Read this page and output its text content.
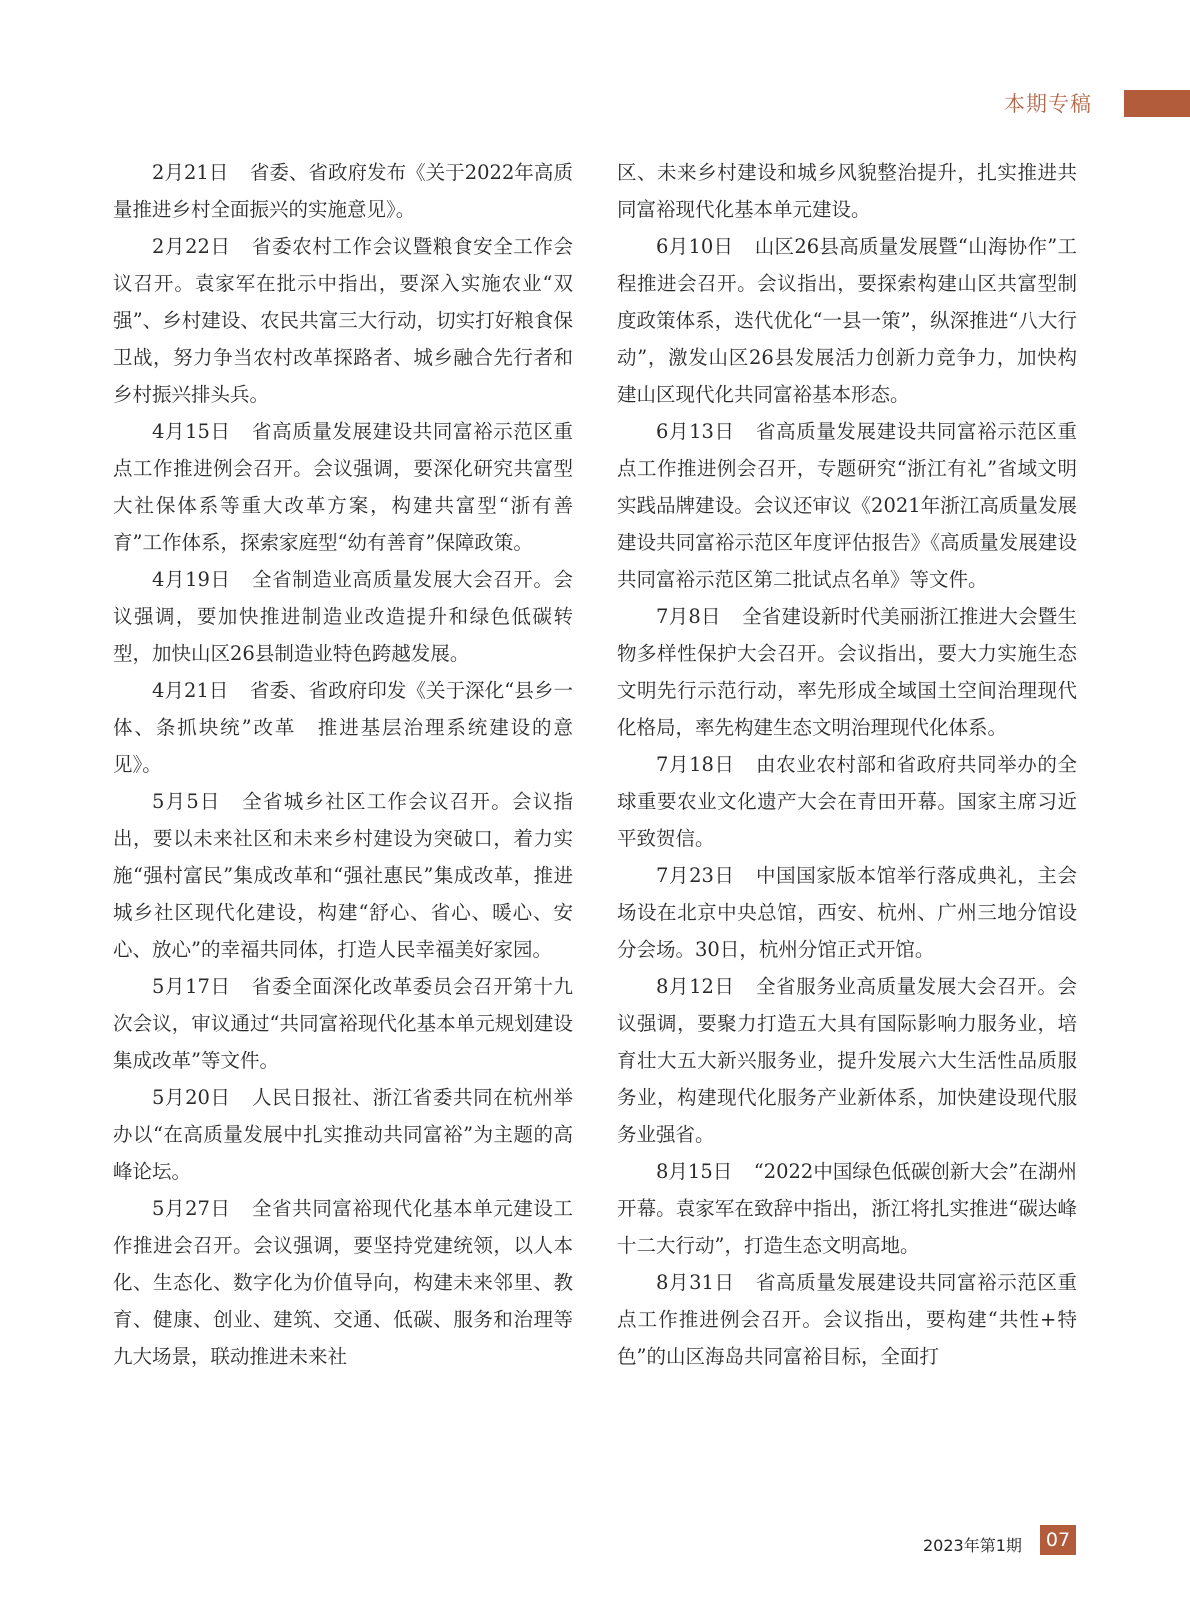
本期专稿

2月21日 省委、省政府发布《关于2022年高质量推进乡村全面振兴的实施意见》。

2月22日 省委农村工作会议暨粮食安全工作会议召开。袁家军在批示中指出，要深入实施农业“双强”、乡村建设、农民共富三大行动，切实打好粮食保卫战，努力争当农村改革探路者、城乡融合先行者和乡村振兴排头兵。

4月15日 省高质量发展建设共同富裕示范区重点工作推进例会召开。会议强调，要深化研究共富型大社保体系等重大改革方案，构建共富型“浙有善育”工作体系，探索家庭型“幼有善育”保障政策。

4月19日 全省制造业高质量发展大会召开。会议强调，要加快推进制造业改造提升和绿色低碳转型，加快山区26县制造业特色跨越发展。

4月21日 省委、省政府印发《关于深化“县乡一体、条抓块统”改革　推进基层治理系统建设的意见》。

5月5日 全省城乡社区工作会议召开。会议指出，要以未来社区和未来乡村建设为突破口，着力实施“强村富民”集成改革和“强社惠民”集成改革，推进城乡社区现代化建设，构建“舒心、省心、暖心、安心、放心”的幸福共同体，打造人民幸福美好家园。

5月17日 省委全面深化改革委员会召开第十九次会议，审议通过“共同富裕现代化基本单元规划建设集成改革”等文件。

5月20日 人民日报社、浙江省委共同在杭州举办以“在高质量发展中扎实推动共同富裕”为主题的高峰论坛。

5月27日 全省共同富裕现代化基本单元建设工作推进会召开。会议强调，要坚持党建统领，以人本化、生态化、数字化为价值导向，构建未来邻里、教育、健康、创业、建筑、交通、低碳、服务和治理等九大场景，联动推进未来社

区、未来乡村建设和城乡风貌整治提升，扎实推进共同富裕现代化基本单元建设。

6月10日 山区26县高质量发展暨“山海协作”工程推进会召开。会议指出，要探索构建山区共富型制度政策体系，迭代优化“一县一策”，纵深推进“八大行动”，激发山区26县发展活力创新力竞争力，加快构建山区现代化共同富裕基本形态。

6月13日 省高质量发展建设共同富裕示范区重点工作推进例会召开，专题研究“浙江有礼”省域文明实践品牌建设。会议还审议《2021年浙江高质量发展建设共同富裕示范区年度评估报告》《高质量发展建设共同富裕示范区第二批试点名单》等文件。

7月8日 全省建设新时代美丽浙江推进大会暨生物多样性保护大会召开。会议指出，要大力实施生态文明先行示范行动，率先形成全域国土空间治理现代化格局，率先构建生态文明治理现代化体系。

7月18日 由农业农村部和省政府共同举办的全球重要农业文化遗产大会在青田开幕。国家主席习近平致贺信。

7月23日 中国国家版本馆举行落成典礼，主会场设在北京中央总馆，西安、杭州、广州三地分馆设分会场。30日，杭州分馆正式开馆。

8月12日 全省服务业高质量发展大会召开。会议强调，要聚力打造五大具有国际影响力服务业，培育壮大五大新兴服务业，提升发展六大生活性品质服务业，构建现代化服务产业新体系，加快建设现代服务业强省。

8月15日 “2022中国绿色低碳创新大会”在湖州开幕。袁家军在致辞中指出，浙江将扎实推进“碳达峰十二大行动”，打造生态文明高地。

8月31日 省高质量发展建设共同富裕示范区重点工作推进例会召开。会议指出，要构建“共性+特色”的山区海岛共同富裕目标，全面打

2023年第1期	07
